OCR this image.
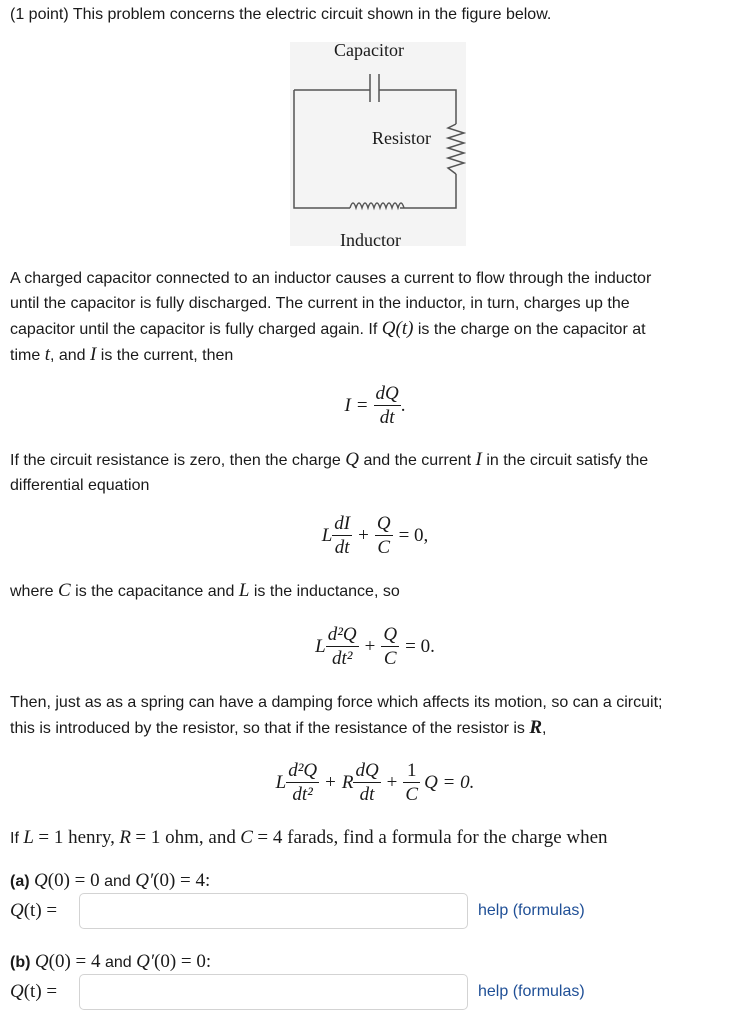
(1 point) This problem concerns the electric circuit shown in the figure below.
Capacitor
Resistor
Inductor
A charged capacitor connected to an inductor causes a current to flow through the inductor
until the capacitor is fully discharged. The current in the inductor, in turn, charges up the
capacitor until the capacitor is fully charged again. If Q(t) is the charge on the capacitor at
time t, and I is the current, then
$I = \frac{dQ}{dt}$ .
If the circuit resistance is zero, then the charge Q and the current I in the circuit satisfy the
differential equation
L $\frac{dI}{dt} + \frac{Q}{C} = 0$,
where C is the capacitance and L is the inductance, so
L $\frac{\text{d²Q}}{\text{dt²}} + \frac{Q}{C} = 0$.
Then, just as as a spring can have a damping force which affects its motion, so can a circuit;
this is introduced by the resistor, so that if the resistance of the resistor is R,
L $\frac{\text{d²Q}}{\text{dt²}} + R \frac{dQ}{dt} + \frac{1}{C}$ Q = 0.
If L = 1 henry, R = 1 ohm, and C = 4 farads, find a formula for the charge when
(a) Q(0) = 0 and Q′(0) = 4:
Q(t) =	help (formulas)
(b) Q(0) = 4 and Q′(0) = 0:
Q(t) =	help (formulas)
